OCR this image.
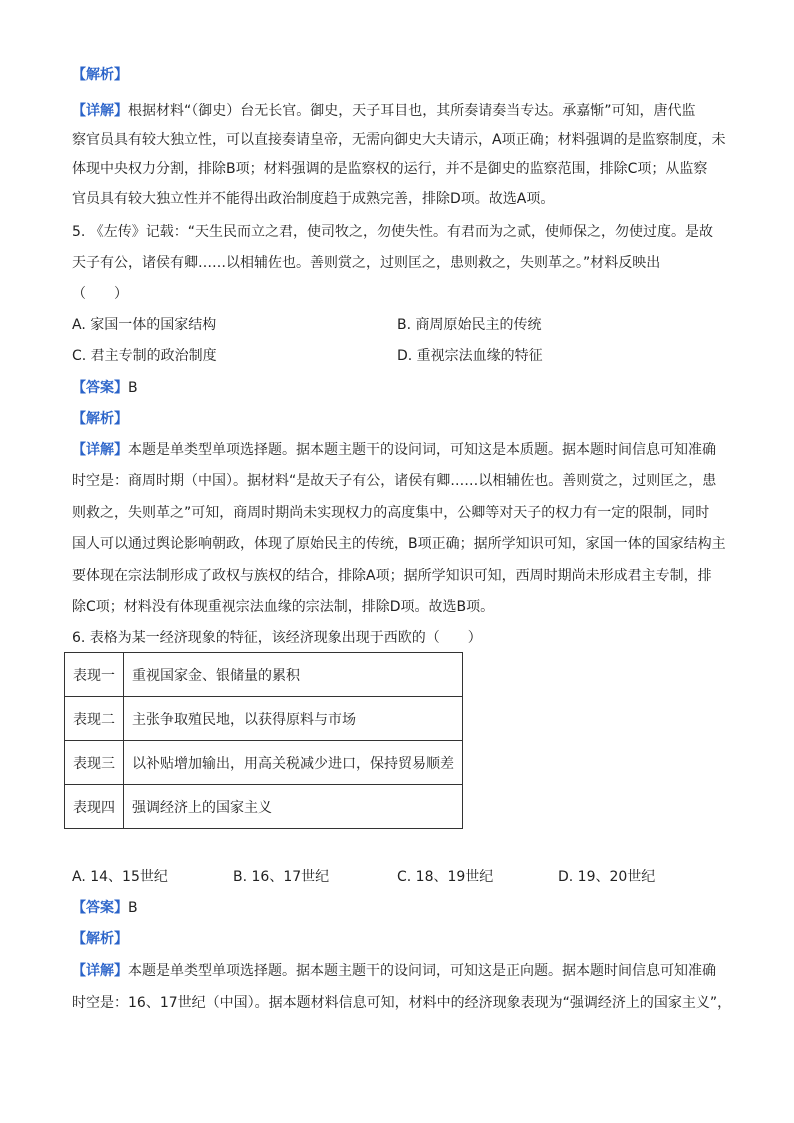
【解析】
【详解】根据材料“（御史）台无长官。御史，天子耳目也，其所奏请奏当专达。承嘉惭”可知，唐代监
察官员具有较大独立性，可以直接奏请皇帝，无需向御史大夫请示，A项正确；材料强调的是监察制度，未
体现中央权力分割，排除B项；材料强调的是监察权的运行，并不是御史的监察范围，排除C项；从监察
官员具有较大独立性并不能得出政治制度趋于成熟完善，排除D项。故选A项。
5. 《左传》记载：“天生民而立之君，使司牧之，勿使失性。有君而为之贰，使师保之，勿使过度。是故
天子有公，诸侯有卿……以相辅佐也。善则赏之，过则匡之，患则救之，失则革之。”材料反映出
（　　）
A. 家国一体的国家结构	B. 商周原始民主的传统
C. 君主专制的政治制度	D. 重视宗法血缘的特征
【答案】B
【解析】
【详解】本题是单类型单项选择题。据本题主题干的设问词，可知这是本质题。据本题时间信息可知准确
时空是：商周时期（中国）。据材料“是故天子有公，诸侯有卿……以相辅佐也。善则赏之，过则匡之，患
则救之，失则革之”可知，商周时期尚未实现权力的高度集中，公卿等对天子的权力有一定的限制，同时
国人可以通过舆论影响朝政，体现了原始民主的传统，B项正确；据所学知识可知，家国一体的国家结构主
要体现在宗法制形成了政权与族权的结合，排除A项；据所学知识可知，西周时期尚未形成君主专制，排
除C项；材料没有体现重视宗法血缘的宗法制，排除D项。故选B项。
6. 表格为某一经济现象的特征，该经济现象出现于西欧的（　　）
表现一	重视国家金、银储量的累积
表现二	主张争取殖民地，以获得原料与市场
表现三	以补贴增加输出，用高关税减少进口，保持贸易顺差
表现四	强调经济上的国家主义
A. 14、15世纪	B. 16、17世纪	C. 18、19世纪	D. 19、20世纪
【答案】B
【解析】
【详解】本题是单类型单项选择题。据本题主题干的设问词，可知这是正向题。据本题时间信息可知准确
时空是：16、17世纪（中国）。据本题材料信息可知，材料中的经济现象表现为“强调经济上的国家主义”，
